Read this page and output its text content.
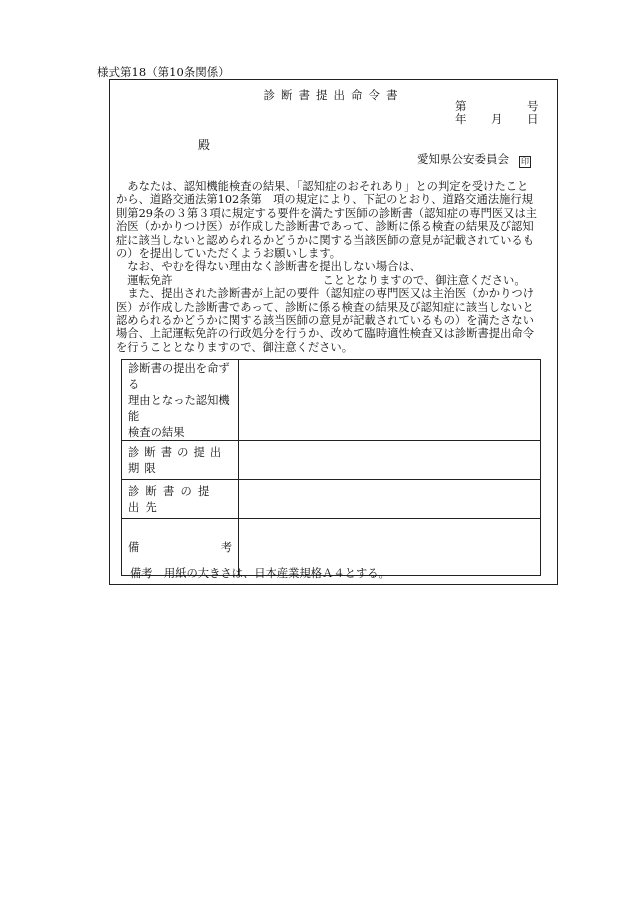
様式第18（第10条関係）
診断書提出命令書
第	号
年 月 日
殿
愛知県公安委員会 印

あなたは、認知機能検査の結果、「認知症のおそれあり」との判定を受けたこと

から、道路交通法第102条第　項の規定により、下記のとおり、道路交通法施行規

則第29条の３第３項に規定する要件を満たす医師の診断書（認知症の専門医又は主

治医（かかりつけ医）が作成した診断書であって、診断に係る検査の結果及び認知

症に該当しないと認められるかどうかに関する当該医師の意見が記載されているも

の）を提出していただくようお願いします。

なお、やむを得ない理由なく診断書を提出しない場合は、

運転免許	こととなりますので、御注意ください。

また、提出された診断書が上記の要件（認知症の専門医又は主治医（かかりつけ

医）が作成した診断書であって、診断に係る検査の結果及び認知症に該当しないと

認められるかどうかに関する該当医師の意見が記載されているもの）を満たさない

場合、上記運転免許の行政処分を行うか、改めて臨時適性検査又は診断書提出命令

を行うこととなりますので、御注意ください。

診断書の提出を命ずる
理由となった認知機能
検査の結果	

診断書の提出期限	

診断書の提出先	

備 考	

備考　用紙の大きさは、日本産業規格Ａ４とする。
